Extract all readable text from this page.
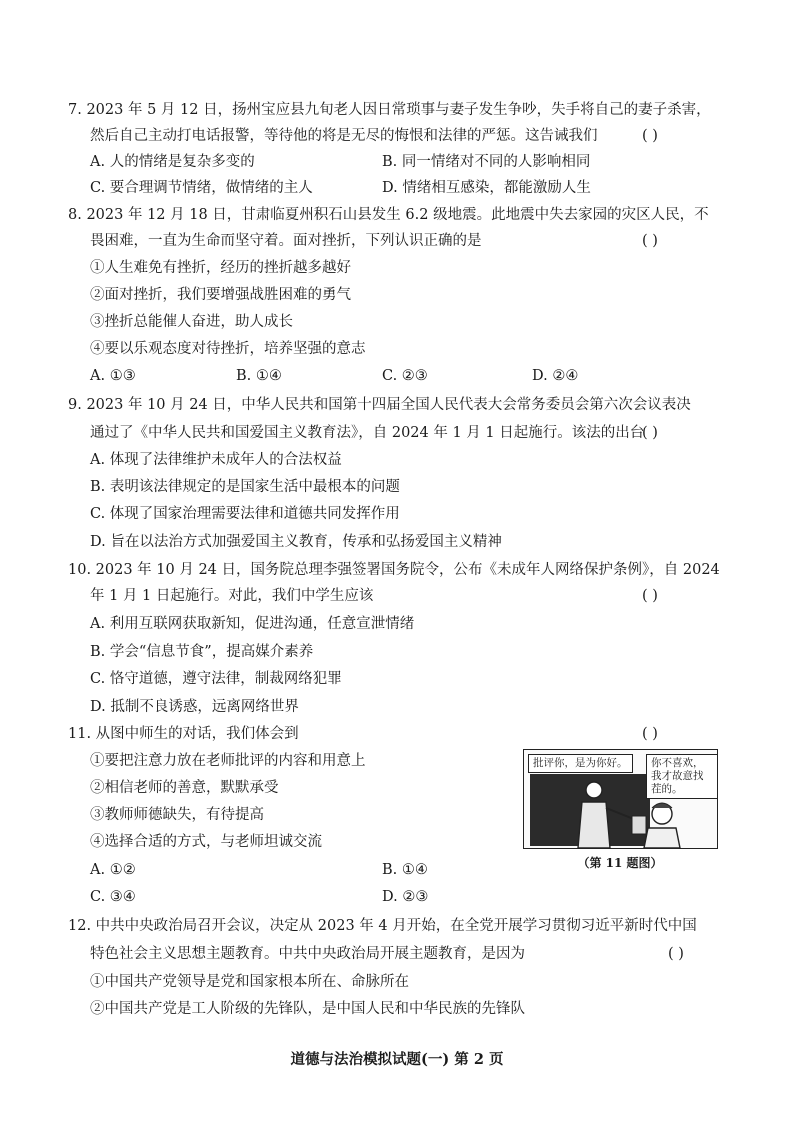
7. 2023 年 5 月 12 日，扬州宝应县九旬老人因日常琐事与妻子发生争吵，失手将自己的妻子杀害，
然后自己主动打电话报警，等待他的将是无尽的悔恨和法律的严惩。这告诫我们	( )
A. 人的情绪是复杂多变的	B. 同一情绪对不同的人影响相同
C. 要合理调节情绪，做情绪的主人	D. 情绪相互感染，都能激励人生
8. 2023 年 12 月 18 日，甘肃临夏州积石山县发生 6.2 级地震。此地震中失去家园的灾区人民，不
畏困难，一直为生命而坚守着。面对挫折，下列认识正确的是	( )
①人生难免有挫折，经历的挫折越多越好
②面对挫折，我们要增强战胜困难的勇气
③挫折总能催人奋进，助人成长
④要以乐观态度对待挫折，培养坚强的意志
A. ①③	B. ①④	C. ②③	D. ②④
9. 2023 年 10 月 24 日，中华人民共和国第十四届全国人民代表大会常务委员会第六次会议表决
通过了《中华人民共和国爱国主义教育法》，自 2024 年 1 月 1 日起施行。该法的出台
( )
A. 体现了法律维护未成年人的合法权益
B. 表明该法律规定的是国家生活中最根本的问题
C. 体现了国家治理需要法律和道德共同发挥作用
D. 旨在以法治方式加强爱国主义教育，传承和弘扬爱国主义精神
10. 2023 年 10 月 24 日，国务院总理李强签署国务院令，公布《未成年人网络保护条例》，自 2024
年 1 月 1 日起施行。对此，我们中学生应该	( )
A. 利用互联网获取新知，促进沟通，任意宣泄情绪
B. 学会“信息节食”，提高媒介素养
C. 恪守道德，遵守法律，制裁网络犯罪
D. 抵制不良诱惑，远离网络世界
11. 从图中师生的对话，我们体会到	( )
①要把注意力放在老师批评的内容和用意上
②相信老师的善意，默默承受
③教师师德缺失，有待提高
④选择合适的方式，与老师坦诚交流
A. ①②	B. ①④
C. ③④	D. ②③
批评你，是为你好。	你不喜欢，我才故意找茬的。
（第 11 题图）
12. 中共中央政治局召开会议，决定从 2023 年 4 月开始，在全党开展学习贯彻习近平新时代中国
特色社会主义思想主题教育。中共中央政治局开展主题教育，是因为	( )
①中国共产党领导是党和国家根本所在、命脉所在
②中国共产党是工人阶级的先锋队，是中国人民和中华民族的先锋队
道德与法治模拟试题(一) 第 2 页
